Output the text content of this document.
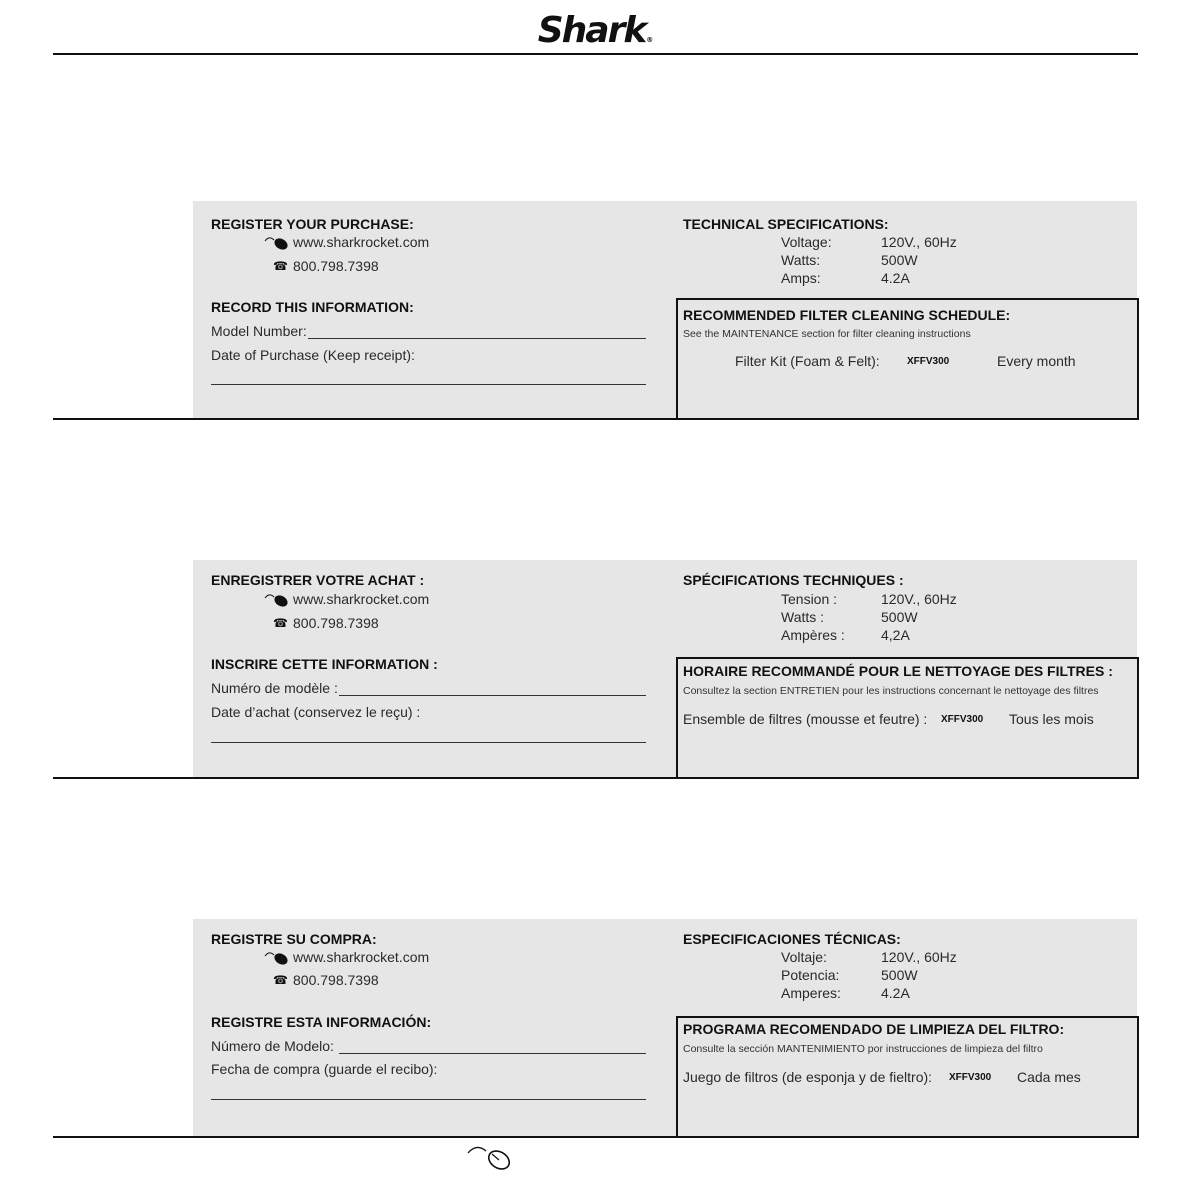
Shark®
REGISTER YOUR PURCHASE:
www.sharkrocket.com
☎ 800.798.7398
RECORD THIS INFORMATION:
Model Number:
Date of Purchase (Keep receipt):
TECHNICAL SPECIFICATIONS:
Voltage:	120V., 60Hz
Watts:	500W
Amps:	4.2A
RECOMMENDED FILTER CLEANING SCHEDULE:
See the MAINTENANCE section for filter cleaning instructions
Filter Kit (Foam & Felt):	XFFV300	Every month
ENREGISTRER VOTRE ACHAT :
www.sharkrocket.com
☎ 800.798.7398
INSCRIRE CETTE INFORMATION :
Numéro de modèle :
Date d’achat (conservez le reçu) :
SPÉCIFICATIONS TECHNIQUES :
Tension :	120V., 60Hz
Watts :	500W
Ampères :	4,2A
HORAIRE RECOMMANDÉ POUR LE NETTOYAGE DES FILTRES :
Consultez la section ENTRETIEN pour les instructions concernant le nettoyage des filtres
Ensemble de filtres (mousse et feutre) : XFFV300 Tous les mois
REGISTRE SU COMPRA:
www.sharkrocket.com
☎ 800.798.7398
REGISTRE ESTA INFORMACIÓN:
Número de Modelo:
Fecha de compra (guarde el recibo):
ESPECIFICACIONES TÉCNICAS:
Voltaje:	120V., 60Hz
Potencia:	500W
Amperes:	4.2A
PROGRAMA RECOMENDADO DE LIMPIEZA DEL FILTRO:
Consulte la sección MANTENIMIENTO por instrucciones de limpieza del filtro
Juego de filtros (de esponja y de fieltro): XFFV300 Cada mes
